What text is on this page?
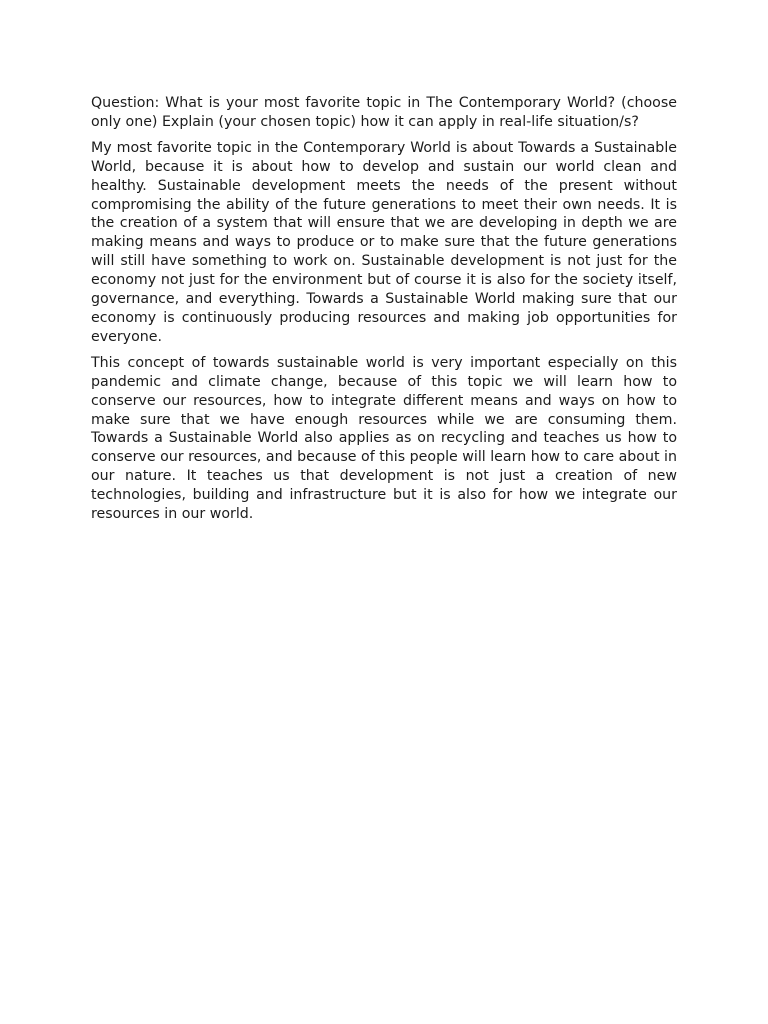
Question: What is your most favorite topic in The Contemporary World? (choose only one) Explain (your chosen topic) how it can apply in real-life situation/s?

My most favorite topic in the Contemporary World is about Towards a Sustainable World, because it is about how to develop and sustain our world clean and healthy. Sustainable development meets the needs of the present without compromising the ability of the future generations to meet their own needs. It is the creation of a system that will ensure that we are developing in depth we are making means and ways to produce or to make sure that the future generations will still have something to work on. Sustainable development is not just for the economy not just for the environment but of course it is also for the society itself, governance, and everything. Towards a Sustainable World making sure that our economy is continuously producing resources and making job opportunities for everyone.

This concept of towards sustainable world is very important especially on this pandemic and climate change, because of this topic we will learn how to conserve our resources, how to integrate different means and ways on how to make sure that we have enough resources while we are consuming them. Towards a Sustainable World also applies as on recycling and teaches us how to conserve our resources, and because of this people will learn how to care about in our nature. It teaches us that development is not just a creation of new technologies, building and infrastructure but it is also for how we integrate our resources in our world.
